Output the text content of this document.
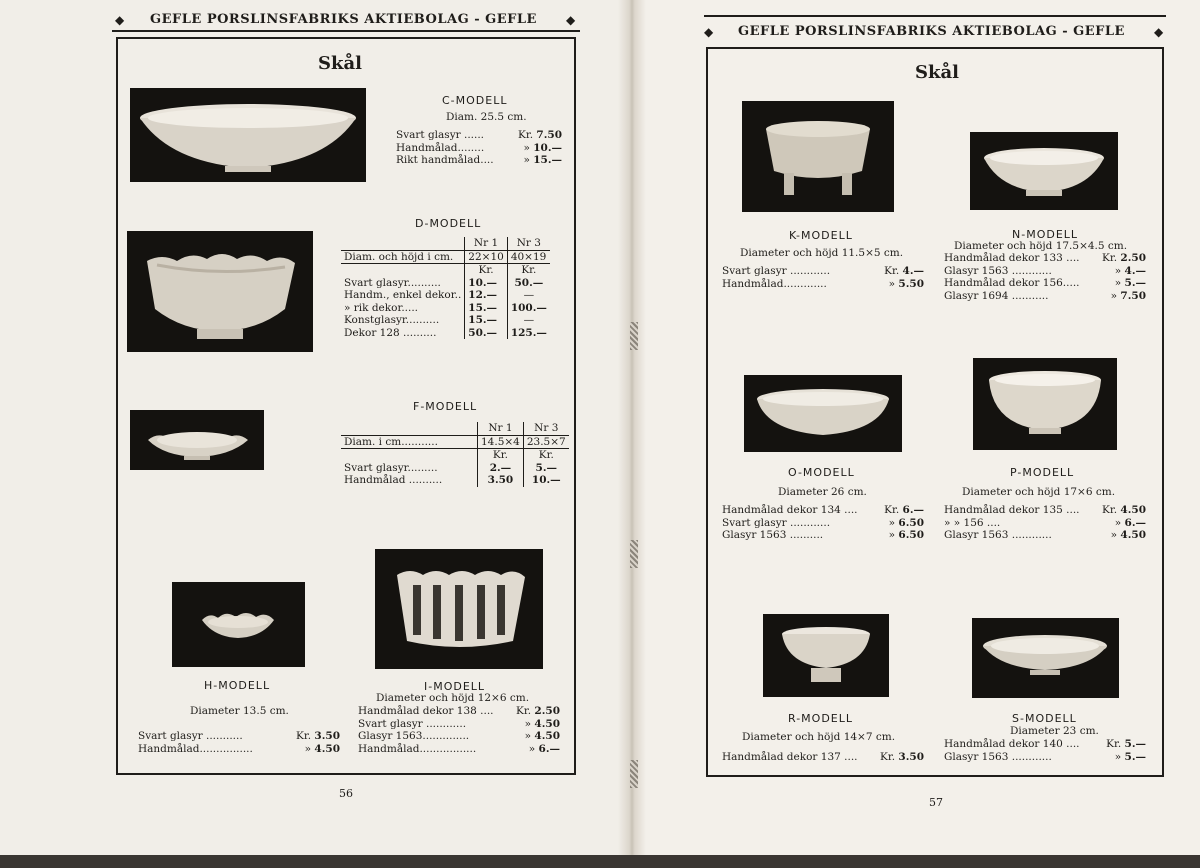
◆ GEFLE PORSLINSFABRIKS AKTIEBOLAG - GEFLE ◆
Skål
C-MODELL
Diam. 25.5 cm.
Svart glasyr ......	Kr. 7.50
Handmålad........	» 10.—
Rikt handmålad....	» 15.—
D-MODELL
	Nr 1	Nr 3
Diam. och höjd i cm.	22×10	40×19
	Kr.	Kr.
Svart glasyr..........	10.—	50.—
Handm., enkel dekor..	12.—	—
» rik dekor.....	15.—	100.—
Konstglasyr..........	15.—	—
Dekor 128 ..........	50.—	125.—
F-MODELL
	Nr 1	Nr 3
Diam. i cm...........	14.5×4	23.5×7
	Kr.	Kr.
Svart glasyr.........	2.—	5.—
Handmålad ..........	3.50	10.—
H-MODELL	I-MODELL
Diameter och höjd 12×6 cm.
Diameter 13.5 cm.	Handmålad dekor 138 .... Kr. 2.50
Svart glasyr ............	» 4.50
Glasyr 1563..............	» 4.50
Handmålad.................	» 6.—
Svart glasyr ...........	Kr. 3.50
Handmålad................	» 4.50
56
◆ GEFLE PORSLINSFABRIKS AKTIEBOLAG - GEFLE ◆
Skål
K-MODELL	N-MODELL
Diameter och höjd 17.5×4.5 cm.
Diameter och höjd 11.5×5 cm.	Handmålad dekor 133 .... Kr. 2.50
Glasyr 1563 ............	» 4.—
Handmålad dekor 156.....	» 5.—
Glasyr 1694 ...........	» 7.50
Svart glasyr ............	Kr. 4.—
Handmålad.............	» 5.50
O-MODELL	P-MODELL
Diameter 26 cm.	Diameter och höjd 17×6 cm.
Handmålad dekor 134 ....	Kr. 6.—
Svart glasyr ............	» 6.50
Glasyr 1563 ..........	» 6.50
Handmålad dekor 135 .... Kr. 4.50
» » 156 ....	» 6.—
Glasyr 1563 ............	» 4.50
R-MODELL	S-MODELL
Diameter 23 cm.
Diameter och höjd 14×7 cm.
Handmålad dekor 140 ....	Kr. 5.—
Glasyr 1563 ............	» 5.—
Handmålad dekor 137 .... Kr. 3.50
57
